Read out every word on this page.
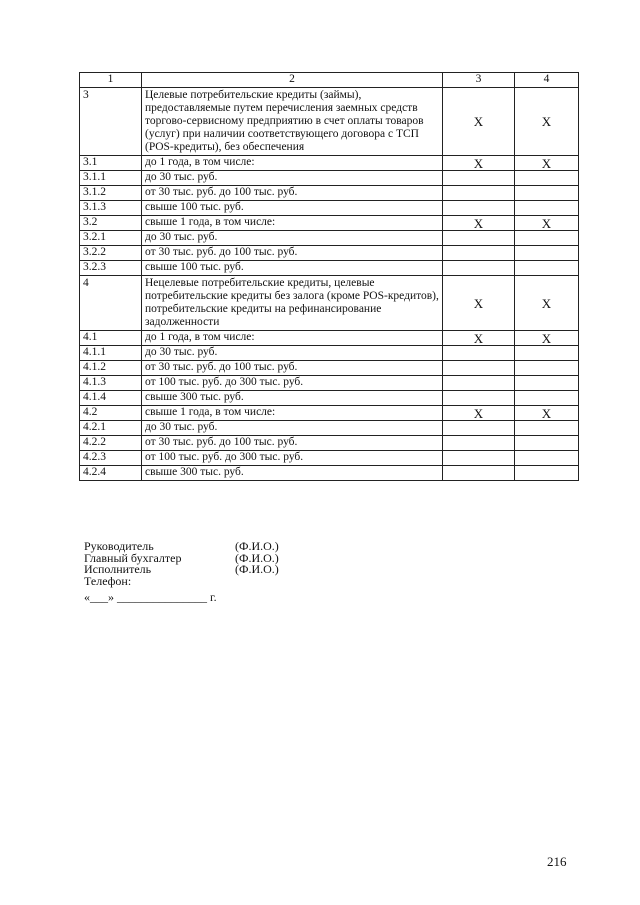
1	2	3	4
3	Целевые потребительские кредиты (займы), предоставляемые путем перечисления заемных средств торгово-сервисному предприятию в счет оплаты товаров (услуг) при наличии соответствующего договора с ТСП (POS-кредиты), без обеспечения	Х	Х
3.1	до 1 года, в том числе:	Х	Х
3.1.1	до 30 тыс. руб.		
3.1.2	от 30 тыс. руб. до 100 тыс. руб.		
3.1.3	свыше 100 тыс. руб.		
3.2	свыше 1 года, в том числе:	Х	Х
3.2.1	до 30 тыс. руб.		
3.2.2	от 30 тыс. руб. до 100 тыс. руб.		
3.2.3	свыше 100 тыс. руб.		
4	Нецелевые потребительские кредиты, целевые потребительские кредиты без залога (кроме POS-кредитов), потребительские кредиты на рефинансирование задолженности	Х	Х
4.1	до 1 года, в том числе:	Х	Х
4.1.1	до 30 тыс. руб.		
4.1.2	от 30 тыс. руб. до 100 тыс. руб.		
4.1.3	от 100 тыс. руб. до 300 тыс. руб.		
4.1.4	свыше 300 тыс. руб.		
4.2	свыше 1 года, в том числе:	Х	Х
4.2.1	до 30 тыс. руб.		
4.2.2	от 30 тыс. руб. до 100 тыс. руб.		
4.2.3	от 100 тыс. руб. до 300 тыс. руб.		
4.2.4	свыше 300 тыс. руб.		
Руководитель	(Ф.И.О.)
Главный бухгалтер	(Ф.И.О.)
Исполнитель	(Ф.И.О.)
Телефон:
«___» _______________ г.
216
